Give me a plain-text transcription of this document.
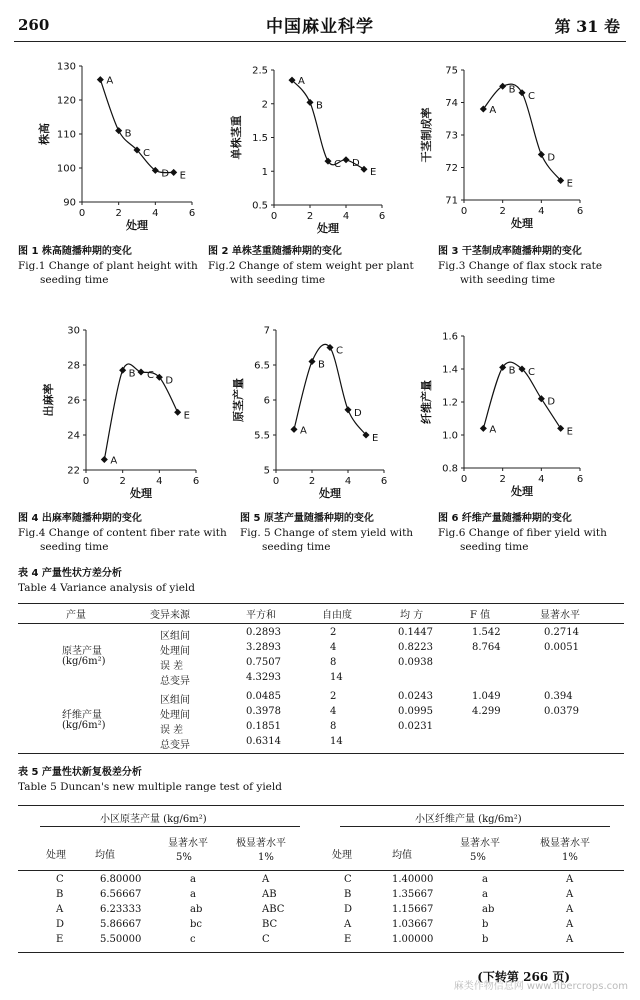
260	中国麻业科学	第 31 卷
90
100
110
120
130
0	2	4	6
处理
株高
A
B
C
D E
0.5
1
1.5
2
2.5
0	2	4	6
处理
单株茎重
A
B
C D
E
71
72
73
74
75
0	2	4	6
处理
干茎制成率	A
B
C
D
E
22
24
26
28
30
0	2	4	6
处理
出麻率
A
B C D
E
5
5.5
6
6.5
7
0	2	4	6
处理
原茎产量
A
B
C
D
E
0.8
1.0
1.2
1.4
1.6
0	2	4	6
处理
纤维产量
A
B C
D
E
图 1 株高随播种期的变化
Fig.1 Change of plant height with seeding time
图 2 单株茎重随播种期的变化
Fig.2 Change of stem weight per plant with seeding time
图 3 干茎制成率随播种期的变化
Fig.3 Change of flax stock rate with seeding time
图 4 出麻率随播种期的变化
Fig.4 Change of content fiber rate with seeding time
图 5 原茎产量随播种期的变化
Fig. 5 Change of stem yield with seeding time
图 6 纤维产量随播种期的变化
Fig.6 Change of fiber yield with seeding time
表 4 产量性状方差分析
Table 4 Variance analysis of yield
产量	变异来源	平方和	自由度	均 方	F 值	显著水平
原茎产量
(kg/6m²)
区组间	0.2893	2	0.1447	1.542	0.2714
处理间	3.2893	4	0.8223	8.764	0.0051
误 差	0.7507	8	0.0938
总变异	4.3293	14
纤维产量
(kg/6m²)
区组间	0.0485	2	0.0243	1.049	0.394
处理间	0.3978	4	0.0995	4.299	0.0379
误 差	0.1851	8	0.0231
总变异	0.6314	14
表 5 产量性状新复极差分析
Table 5 Duncan's new multiple range test of yield
小区原茎产量 (kg/6m²)	小区纤维产量 (kg/6m²)
处理	均值
显著水平
5%
极显著水平
1%	处理	均值
显著水平
5%
极显著水平
1%
C	6.80000	a	A
B	6.56667	a	AB
A	6.23333	ab	ABC
D	5.86667	bc	BC
E	5.50000	c	C
C	1.40000	a	A
B	1.35667	a	A
D	1.15667	ab	A
A	1.03667	b	A
E	1.00000	b	A
(下转第 266 页)
麻类作物信息网 www.fibercrops.com
